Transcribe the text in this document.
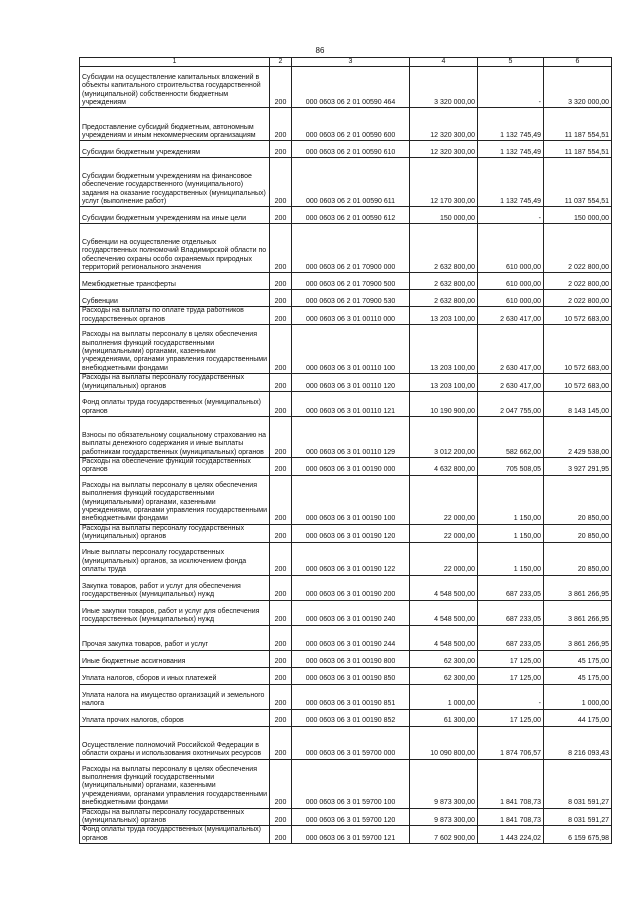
86
1	2	3	4	5	6
Субсидии на осуществление капитальных вложений в объекты капитального строительства государственной (муниципальной) собственности бюджетным учреждениям	200	000 0603 06 2 01 00590 464	3 320 000,00	-	3 320 000,00
Предоставление субсидий бюджетным, автономным учреждениям и иным некоммерческим организациям	200	000 0603 06 2 01 00590 600	12 320 300,00	1 132 745,49	11 187 554,51
Субсидии бюджетным учреждениям	200	000 0603 06 2 01 00590 610	12 320 300,00	1 132 745,49	11 187 554,51
Субсидии бюджетным учреждениям на финансовое обеспечение государственного (муниципального) задания на оказание государственных (муниципальных) услуг (выполнение работ)	200	000 0603 06 2 01 00590 611	12 170 300,00	1 132 745,49	11 037 554,51
Субсидии бюджетным учреждениям на иные цели	200	000 0603 06 2 01 00590 612	150 000,00	-	150 000,00
Субвенции на осуществление отдельных государственных полномочий Владимирской области по обеспечению охраны особо охраняемых природных территорий регионального значения	200	000 0603 06 2 01 70900 000	2 632 800,00	610 000,00	2 022 800,00
Межбюджетные трансферты	200	000 0603 06 2 01 70900 500	2 632 800,00	610 000,00	2 022 800,00
Субвенции	200	000 0603 06 2 01 70900 530	2 632 800,00	610 000,00	2 022 800,00
Расходы на выплаты по оплате труда работников государственных органов	200	000 0603 06 3 01 00110 000	13 203 100,00	2 630 417,00	10 572 683,00
Расходы на выплаты персоналу в целях обеспечения выполнения функций государственными (муниципальными) органами, казенными учреждениями, органами управления государственными внебюджетными фондами	200	000 0603 06 3 01 00110 100	13 203 100,00	2 630 417,00	10 572 683,00
Расходы на выплаты персоналу государственных (муниципальных) органов	200	000 0603 06 3 01 00110 120	13 203 100,00	2 630 417,00	10 572 683,00
Фонд оплаты труда государственных (муниципальных) органов	200	000 0603 06 3 01 00110 121	10 190 900,00	2 047 755,00	8 143 145,00
Взносы по обязательному социальному страхованию на выплаты денежного содержания и иные выплаты работникам государственных (муниципальных) органов	200	000 0603 06 3 01 00110 129	3 012 200,00	582 662,00	2 429 538,00
Расходы на обеспечение функций государственных органов	200	000 0603 06 3 01 00190 000	4 632 800,00	705 508,05	3 927 291,95
Расходы на выплаты персоналу в целях обеспечения выполнения функций государственными (муниципальными) органами, казенными учреждениями, органами управления государственными внебюджетными фондами	200	000 0603 06 3 01 00190 100	22 000,00	1 150,00	20 850,00
Расходы на выплаты персоналу государственных (муниципальных) органов	200	000 0603 06 3 01 00190 120	22 000,00	1 150,00	20 850,00
Иные выплаты персоналу государственных (муниципальных) органов, за исключением фонда оплаты труда	200	000 0603 06 3 01 00190 122	22 000,00	1 150,00	20 850,00
Закупка товаров, работ и услуг для обеспечения государственных (муниципальных) нужд	200	000 0603 06 3 01 00190 200	4 548 500,00	687 233,05	3 861 266,95
Иные закупки товаров, работ и услуг для обеспечения государственных (муниципальных) нужд	200	000 0603 06 3 01 00190 240	4 548 500,00	687 233,05	3 861 266,95
Прочая закупка товаров, работ и услуг	200	000 0603 06 3 01 00190 244	4 548 500,00	687 233,05	3 861 266,95
Иные бюджетные ассигнования	200	000 0603 06 3 01 00190 800	62 300,00	17 125,00	45 175,00
Уплата налогов, сборов и иных платежей	200	000 0603 06 3 01 00190 850	62 300,00	17 125,00	45 175,00
Уплата налога на имущество организаций и земельного налога	200	000 0603 06 3 01 00190 851	1 000,00	-	1 000,00
Уплата прочих налогов, сборов	200	000 0603 06 3 01 00190 852	61 300,00	17 125,00	44 175,00
Осуществление полномочий Российской Федерации в области охраны и использования охотничьих ресурсов	200	000 0603 06 3 01 59700 000	10 090 800,00	1 874 706,57	8 216 093,43
Расходы на выплаты персоналу в целях обеспечения выполнения функций государственными (муниципальными) органами, казенными учреждениями, органами управления государственными внебюджетными фондами	200	000 0603 06 3 01 59700 100	9 873 300,00	1 841 708,73	8 031 591,27
Расходы на выплаты персоналу государственных (муниципальных) органов	200	000 0603 06 3 01 59700 120	9 873 300,00	1 841 708,73	8 031 591,27
Фонд оплаты труда государственных (муниципальных) органов	200	000 0603 06 3 01 59700 121	7 602 900,00	1 443 224,02	6 159 675,98
